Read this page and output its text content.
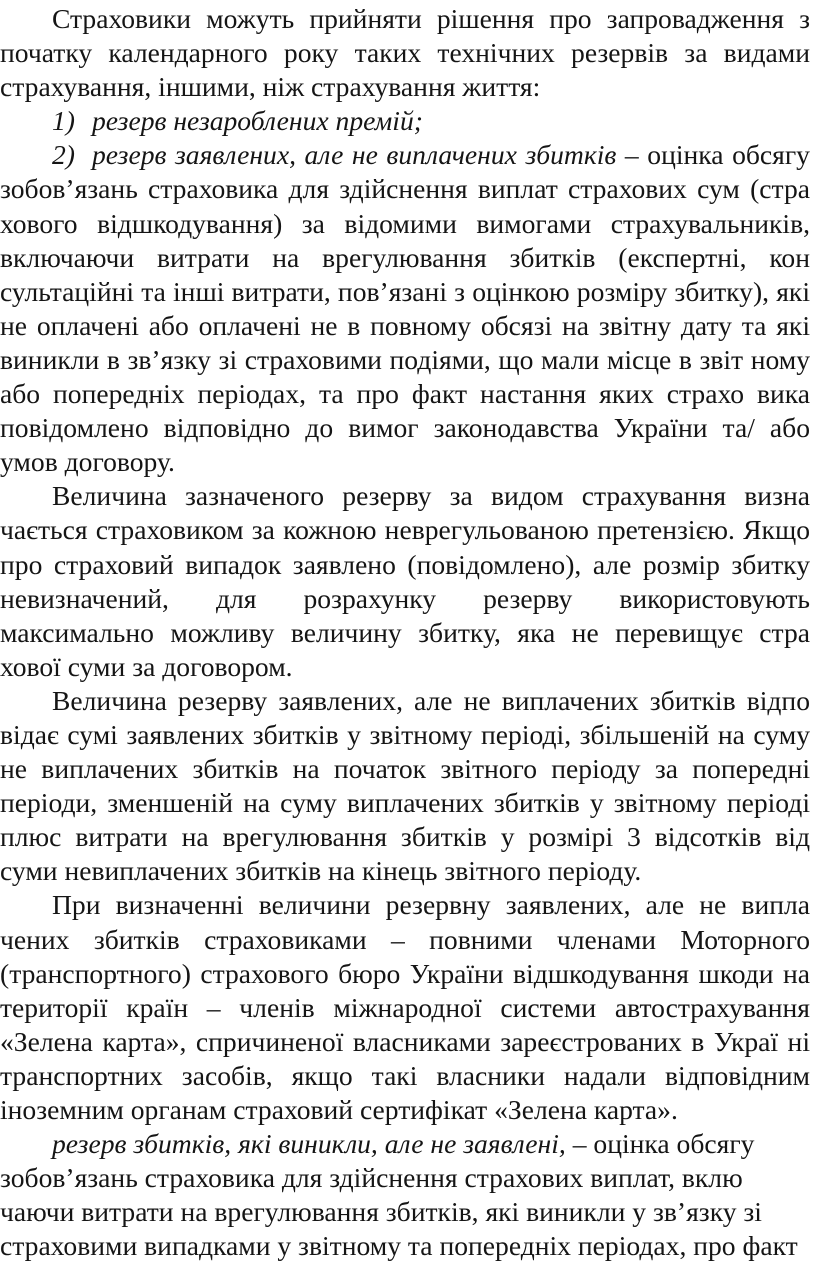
Страховики можуть прийняти рішення про запровадження з початку календарного року таких технічних резервів за видами страхування, іншими, ніж страхування життя:

1) резерв незароблених премій;

2) резерв заявлених, але не виплачених збитків – оцінка обсягу зобов’язань страховика для здійснення виплат страхових сум (стра хового відшкодування) за відомими вимогами страхувальників, включаючи витрати на врегулювання збитків (експертні, кон сультаційні та інші витрати, пов’язані з оцінкою розміру збитку), які не оплачені або оплачені не в повному обсязі на звітну дату та які виникли в зв’язку зі страховими подіями, що мали місце в звіт ному або попередніх періодах, та про факт настання яких страхо вика повідомлено відповідно до вимог законодавства України та/ або умов договору.

Величина зазначеного резерву за видом страхування визна чається страховиком за кожною неврегульованою претензією. Якщо про страховий випадок заявлено (повідомлено), але розмір збитку невизначений, для розрахунку резерву використовують максимально можливу величину збитку, яка не перевищує стра хової суми за договором.

Величина резерву заявлених, але не виплачених збитків відпо відає сумі заявлених збитків у звітному періоді, збільшеній на суму не виплачених збитків на початок звітного періоду за попередні періоди, зменшеній на суму виплачених збитків у звітному періоді плюс витрати на врегулювання збитків у розмірі 3 відсотків від суми невиплачених збитків на кінець звітного періоду.

При визначенні величини резервну заявлених, але не випла чених збитків страховиками – повними членами Моторного (транспортного) страхового бюро України відшкодування шкоди на території країн – членів міжнародної системи автострахування «Зелена карта», спричиненої власниками зареєстрованих в Украї ні транспортних засобів, якщо такі власники надали відповідним іноземним органам страховий сертифікат «Зелена карта».

резерв збитків, які виникли, але не заявлені, – оцінка обсягу зобов’язань страховика для здійснення страхових виплат, вклю чаючи витрати на врегулювання збитків, які виникли у зв’язку зі страховими випадками у звітному та попередніх періодах, про факт
